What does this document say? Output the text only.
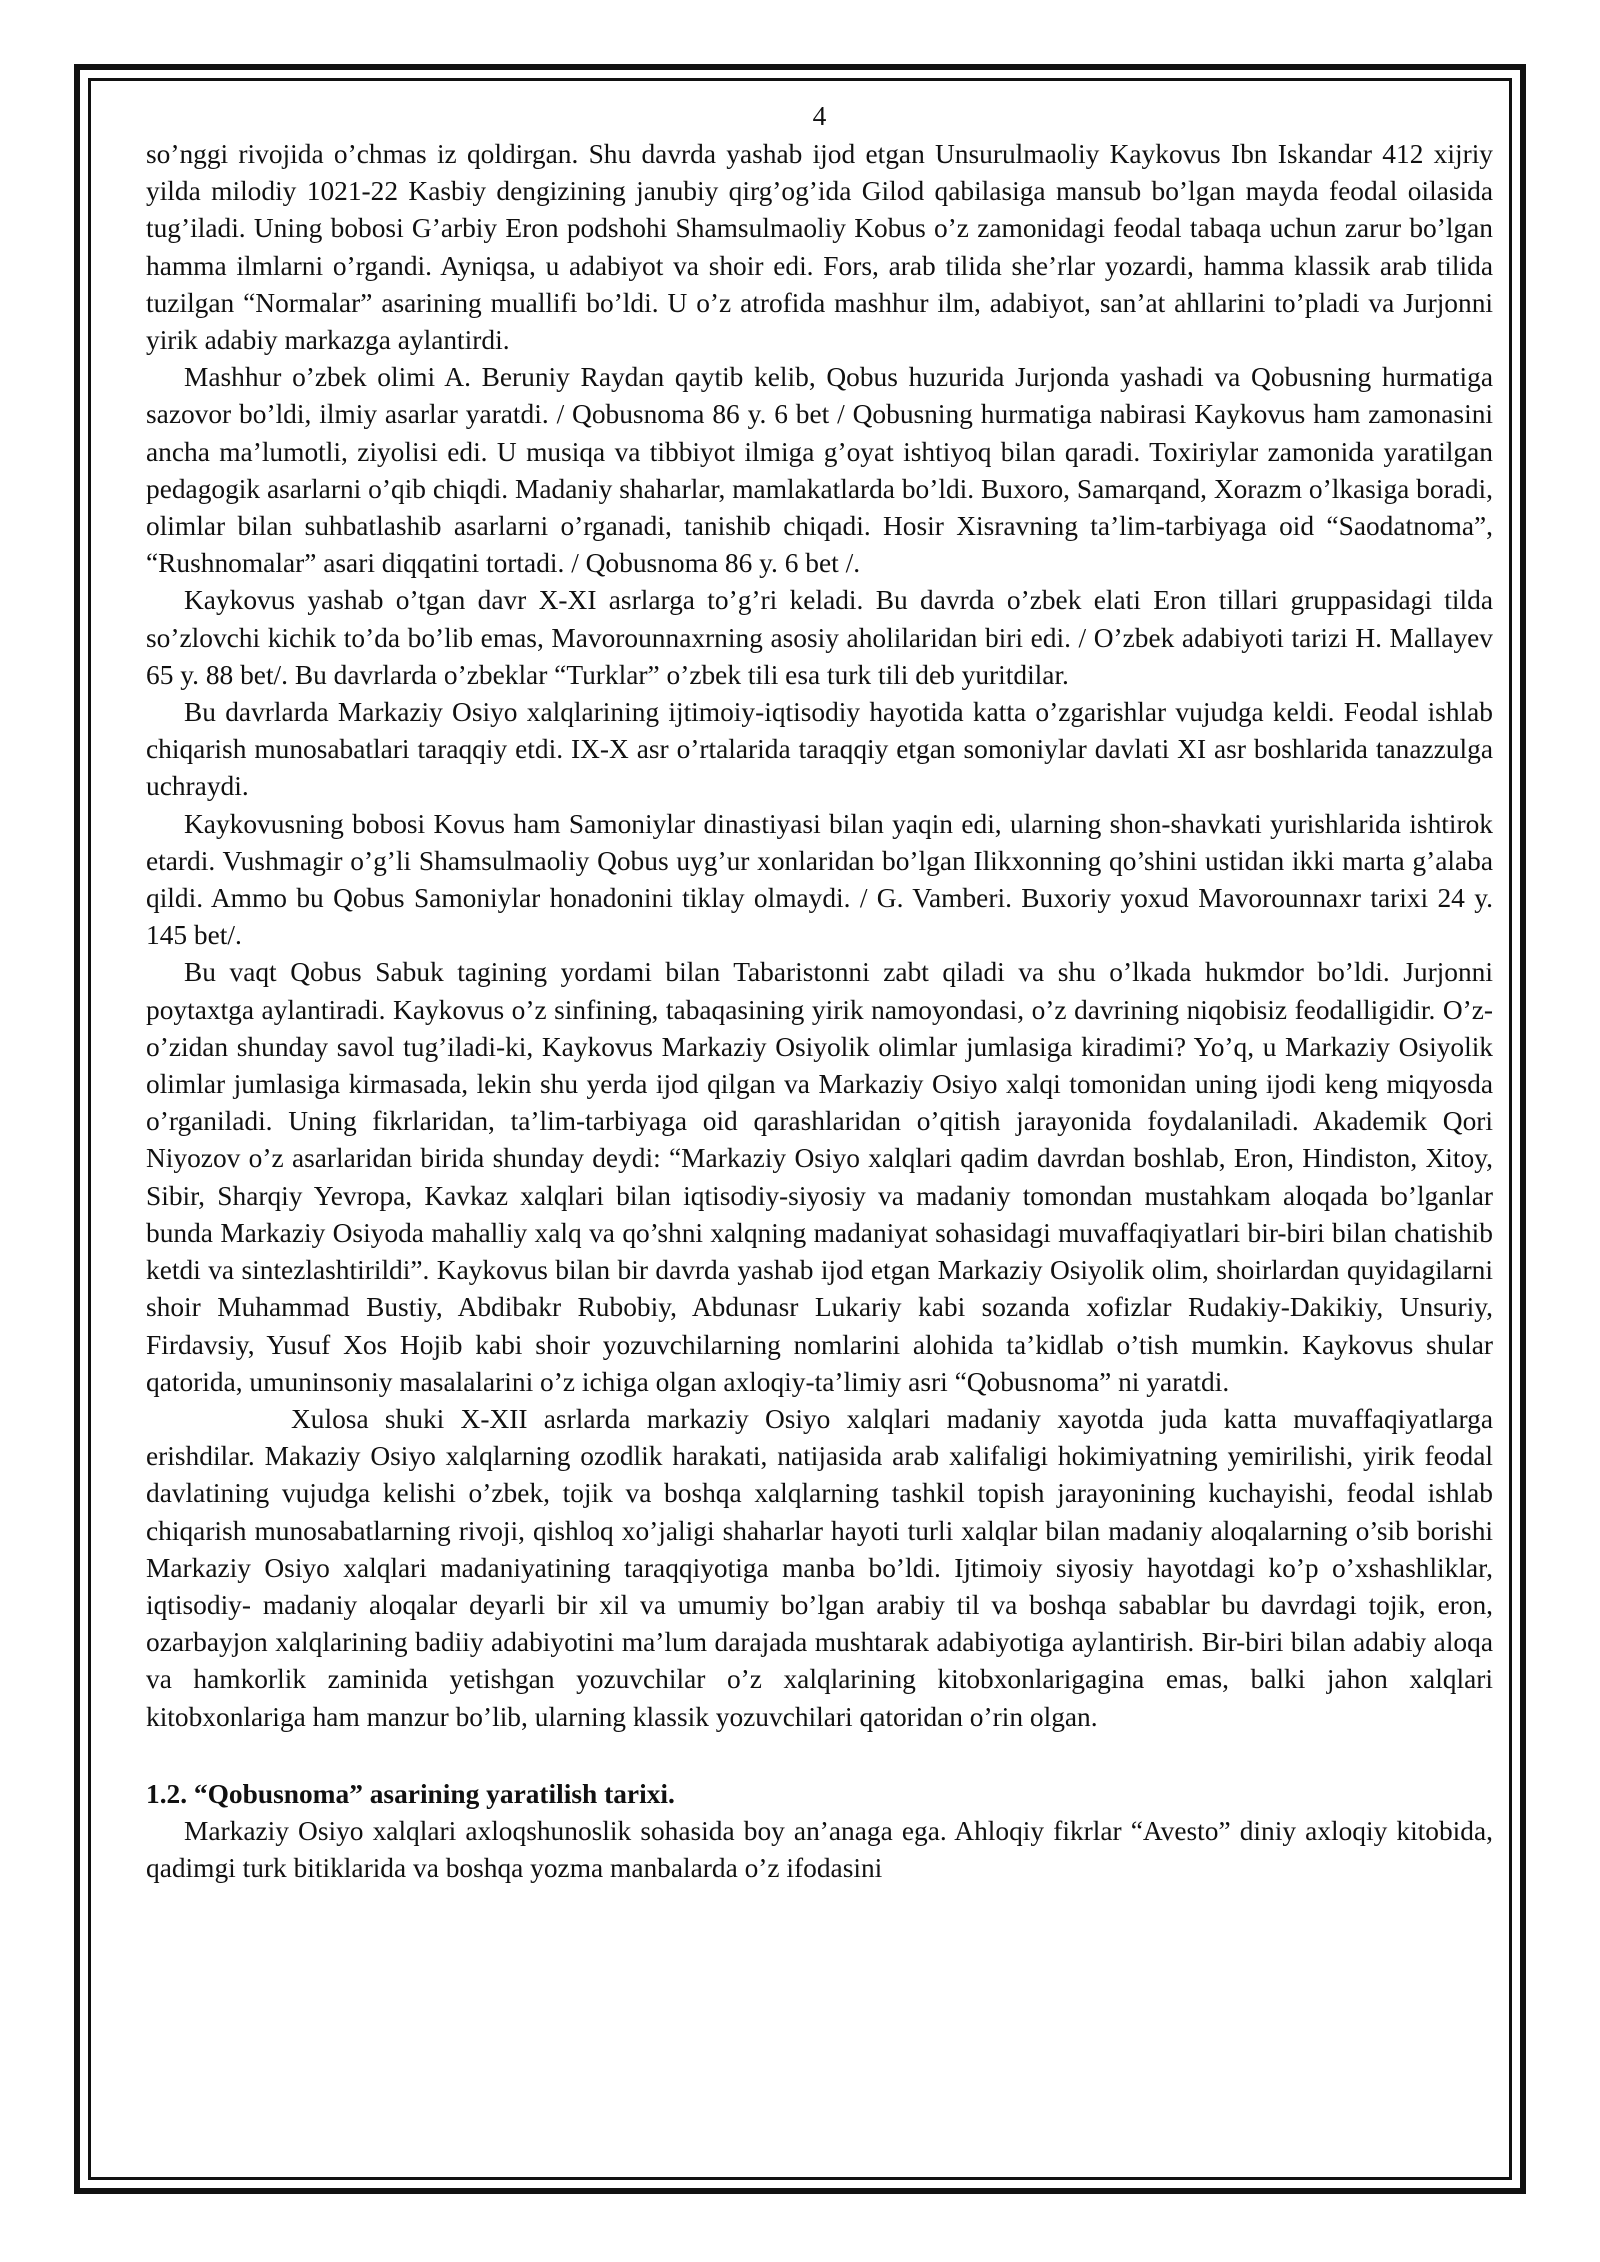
4

so’nggi rivojida o’chmas iz qoldirgan. Shu davrda yashab ijod etgan Unsurulmaoliy Kaykovus Ibn Iskandar 412 xijriy yilda milodiy 1021-22 Kasbiy dengizining janubiy qirg’og’ida Gilod qabilasiga mansub bo’lgan mayda feodal oilasida tug’iladi. Uning bobosi G’arbiy Eron podshohi Shamsulmaoliy Kobus o’z zamonidagi feodal tabaqa uchun zarur bo’lgan hamma ilmlarni o’rgandi. Ayniqsa, u adabiyot va shoir edi. Fors, arab tilida she’rlar yozardi, hamma klassik arab tilida tuzilgan “Normalar” asarining muallifi bo’ldi. U o’z atrofida mashhur ilm, adabiyot, san’at ahllarini to’pladi va Jurjonni yirik adabiy markazga aylantirdi.

Mashhur o’zbek olimi A. Beruniy Raydan qaytib kelib, Qobus huzurida Jurjonda yashadi va Qobusning hurmatiga sazovor bo’ldi, ilmiy asarlar yaratdi. / Qobusnoma 86 y. 6 bet / Qobusning hurmatiga nabirasi Kaykovus ham zamonasini ancha ma’lumotli, ziyolisi edi. U musiqa va tibbiyot ilmiga g’oyat ishtiyoq bilan qaradi. Toxiriylar zamonida yaratilgan pedagogik asarlarni o’qib chiqdi. Madaniy shaharlar, mamlakatlarda bo’ldi. Buxoro, Samarqand, Xorazm o’lkasiga boradi, olimlar bilan suhbatlashib asarlarni o’rganadi, tanishib chiqadi. Hosir Xisravning ta’lim-tarbiyaga oid “Saodatnoma”, “Rushnomalar” asari diqqatini tortadi. / Qobusnoma 86 y. 6 bet /.

Kaykovus yashab o’tgan davr X-XI asrlarga to’g’ri keladi. Bu davrda o’zbek elati Eron tillari gruppasidagi tilda so’zlovchi kichik to’da bo’lib emas, Mavorounnaxrning asosiy aholilaridan biri edi. / O’zbek adabiyoti tarizi H. Mallayev 65 y. 88 bet/. Bu davrlarda o’zbeklar “Turklar” o’zbek tili esa turk tili deb yuritdilar.

Bu davrlarda Markaziy Osiyo xalqlarining ijtimoiy-iqtisodiy hayotida katta o’zgarishlar vujudga keldi. Feodal ishlab chiqarish munosabatlari taraqqiy etdi. IX-X asr o’rtalarida taraqqiy etgan somoniylar davlati XI asr boshlarida tanazzulga uchraydi.

Kaykovusning bobosi Kovus ham Samoniylar dinastiyasi bilan yaqin edi, ularning shon-shavkati yurishlarida ishtirok etardi. Vushmagir o’g’li Shamsulmaoliy Qobus uyg’ur xonlaridan bo’lgan Ilikxonning qo’shini ustidan ikki marta g’alaba qildi. Ammo bu Qobus Samoniylar honadonini tiklay olmaydi. / G. Vamberi. Buxoriy yoxud Mavorounnaxr tarixi 24 y. 145 bet/.

Bu vaqt Qobus Sabuk tagining yordami bilan Tabaristonni zabt qiladi va shu o’lkada hukmdor bo’ldi. Jurjonni poytaxtga aylantiradi. Kaykovus o’z sinfining, tabaqasining yirik namoyondasi, o’z davrining niqobisiz feodalligidir. O’z-o’zidan shunday savol tug’iladi-ki, Kaykovus Markaziy Osiyolik olimlar jumlasiga kiradimi? Yo’q, u Markaziy Osiyolik olimlar jumlasiga kirmasada, lekin shu yerda ijod qilgan va Markaziy Osiyo xalqi tomonidan uning ijodi keng miqyosda o’rganiladi. Uning fikrlaridan, ta’lim-tarbiyaga oid qarashlaridan o’qitish jarayonida foydalaniladi. Akademik Qori Niyozov o’z asarlaridan birida shunday deydi: “Markaziy Osiyo xalqlari qadim davrdan boshlab, Eron, Hindiston, Xitoy, Sibir, Sharqiy Yevropa, Kavkaz xalqlari bilan iqtisodiy-siyosiy va madaniy tomondan mustahkam aloqada bo’lganlar bunda Markaziy Osiyoda mahalliy xalq va qo’shni xalqning madaniyat sohasidagi muvaffaqiyatlari bir-biri bilan chatishib ketdi va sintezlashtirildi”. Kaykovus bilan bir davrda yashab ijod etgan Markaziy Osiyolik olim, shoirlardan quyidagilarni shoir Muhammad Bustiy, Abdibakr Rubobiy, Abdunasr Lukariy kabi sozanda xofizlar Rudakiy-Dakikiy, Unsuriy, Firdavsiy, Yusuf Xos Hojib kabi shoir yozuvchilarning nomlarini alohida ta’kidlab o’tish mumkin. Kaykovus shular qatorida, umuninsoniy masalalarini o’z ichiga olgan axloqiy-ta’limiy asri “Qobusnoma” ni yaratdi.

Xulosa shuki X-XII asrlarda markaziy Osiyo xalqlari madaniy xayotda juda katta muvaffaqiyatlarga erishdilar. Makaziy Osiyo xalqlarning ozodlik harakati, natijasida arab xalifaligi hokimiyatning yemirilishi, yirik feodal davlatining vujudga kelishi o’zbek, tojik va boshqa xalqlarning tashkil topish jarayonining kuchayishi, feodal ishlab chiqarish munosabatlarning rivoji, qishloq xo’jaligi shaharlar hayoti turli xalqlar bilan madaniy aloqalarning o’sib borishi Markaziy Osiyo xalqlari madaniyatining taraqqiyotiga manba bo’ldi. Ijtimoiy siyosiy hayotdagi ko’p o’xshashliklar, iqtisodiy- madaniy aloqalar deyarli bir xil va umumiy bo’lgan arabiy til va boshqa sabablar bu davrdagi tojik, eron, ozarbayjon xalqlarining badiiy adabiyotini ma’lum darajada mushtarak adabiyotiga aylantirish. Bir-biri bilan adabiy aloqa va hamkorlik zaminida yetishgan yozuvchilar o’z xalqlarining kitobxonlarigagina emas, balki jahon xalqlari kitobxonlariga ham manzur bo’lib, ularning klassik yozuvchilari qatoridan o’rin olgan.

1.2. “Qobusnoma” asarining yaratilish tarixi.

Markaziy Osiyo xalqlari axloqshunoslik sohasida boy an’anaga ega. Ahloqiy fikrlar “Avesto” diniy axloqiy kitobida, qadimgi turk bitiklarida va boshqa yozma manbalarda o’z ifodasini
